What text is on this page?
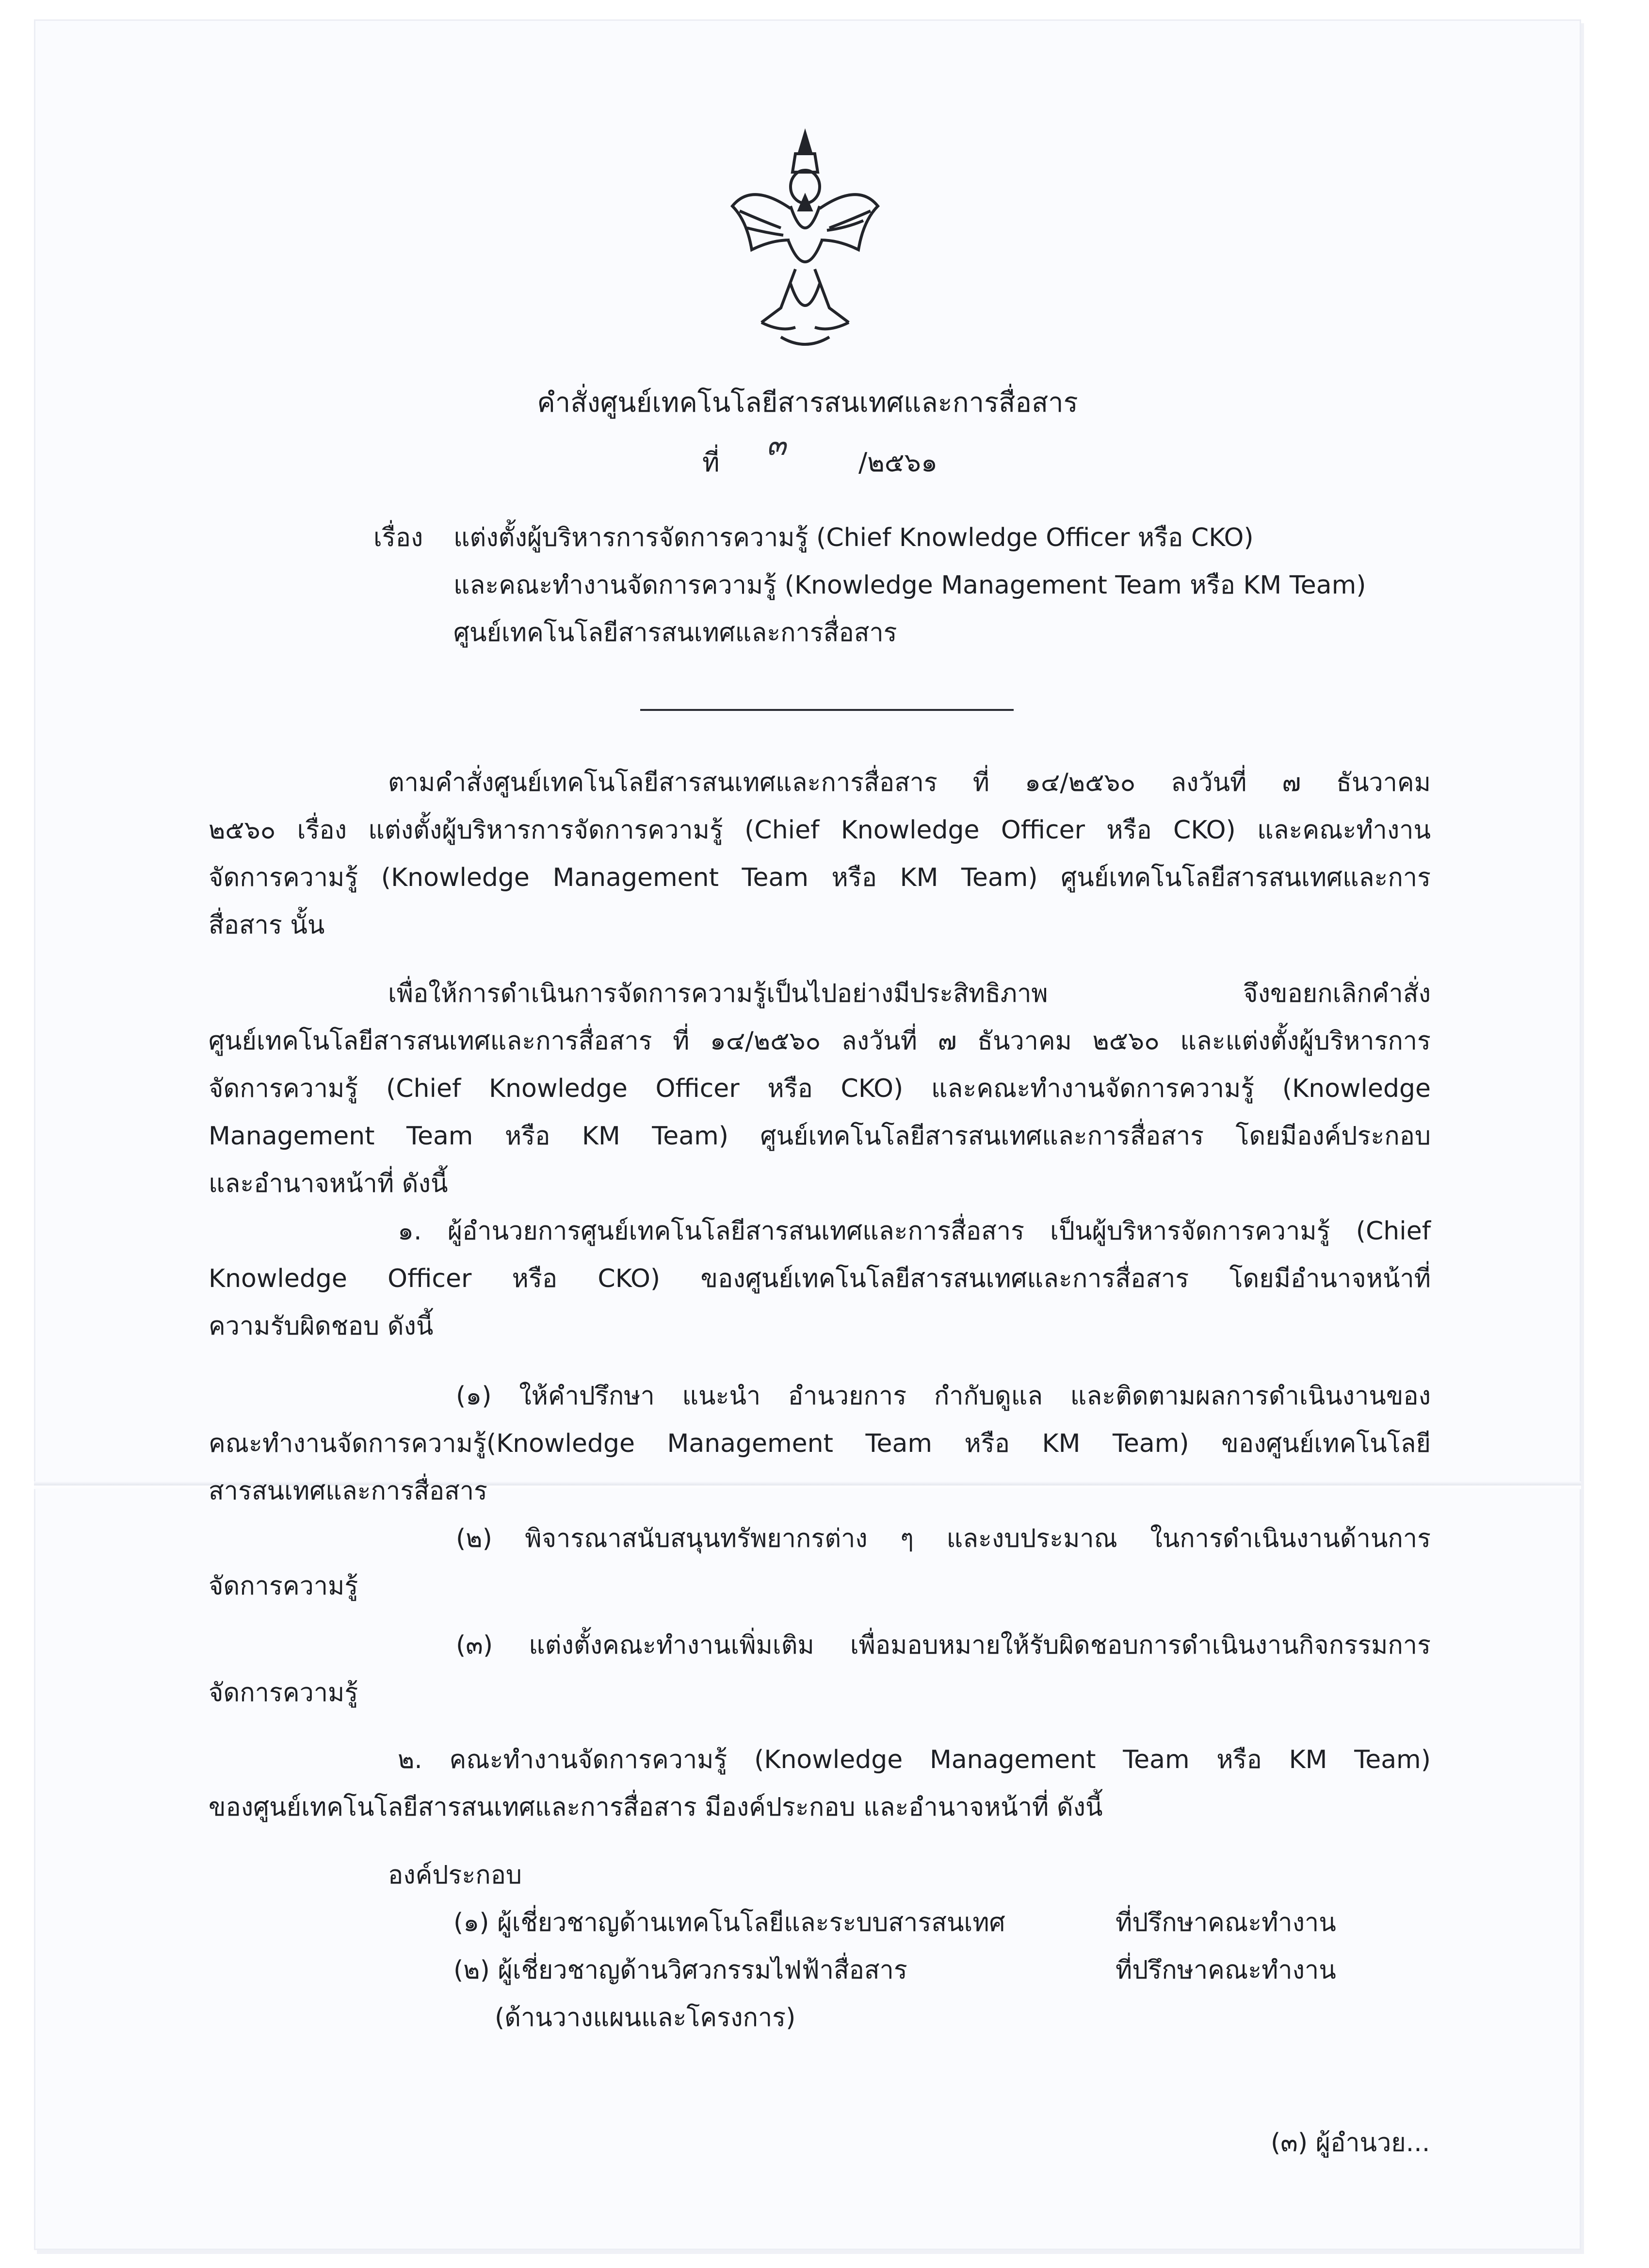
คำสั่งศูนย์เทคโนโลยีสารสนเทศและการสื่อสาร
ที่
๓
/๒๕๖๑
เรื่อง แต่งตั้งผู้บริหารการจัดการความรู้ (Chief Knowledge Officer หรือ CKO)
และคณะทำงานจัดการความรู้ (Knowledge Management Team หรือ KM Team)
ศูนย์เทคโนโลยีสารสนเทศและการสื่อสาร
ตามคำสั่งศูนย์เทคโนโลยีสารสนเทศและการสื่อสาร ที่ ๑๔/๒๕๖๐ ลงวันที่ ๗ ธันวาคม
๒๕๖๐ เรื่อง แต่งตั้งผู้บริหารการจัดการความรู้ (Chief Knowledge Officer หรือ CKO) และคณะทำงาน
จัดการความรู้ (Knowledge Management Team หรือ KM Team) ศูนย์เทคโนโลยีสารสนเทศและการ
สื่อสาร นั้น
เพื่อให้การดำเนินการจัดการความรู้เป็นไปอย่างมีประสิทธิภาพ จึงขอยกเลิกคำสั่ง
ศูนย์เทคโนโลยีสารสนเทศและการสื่อสาร ที่ ๑๔/๒๕๖๐ ลงวันที่ ๗ ธันวาคม ๒๕๖๐ และแต่งตั้งผู้บริหารการ
จัดการความรู้ (Chief Knowledge Officer หรือ CKO) และคณะทำงานจัดการความรู้ (Knowledge
Management Team หรือ KM Team) ศูนย์เทคโนโลยีสารสนเทศและการสื่อสาร โดยมีองค์ประกอบ
และอำนาจหน้าที่ ดังนี้
๑. ผู้อำนวยการศูนย์เทคโนโลยีสารสนเทศและการสื่อสาร เป็นผู้บริหารจัดการความรู้ (Chief
Knowledge Officer หรือ CKO) ของศูนย์เทคโนโลยีสารสนเทศและการสื่อสาร โดยมีอำนาจหน้าที่
ความรับผิดชอบ ดังนี้
(๑) ให้คำปรึกษา แนะนำ อำนวยการ กำกับดูแล และติดตามผลการดำเนินงานของ
คณะทำงานจัดการความรู้(Knowledge Management Team หรือ KM Team) ของศูนย์เทคโนโลยี
สารสนเทศและการสื่อสาร
(๒) พิจารณาสนับสนุนทรัพยากรต่าง ๆ และงบประมาณ ในการดำเนินงานด้านการ
จัดการความรู้
(๓) แต่งตั้งคณะทำงานเพิ่มเติม เพื่อมอบหมายให้รับผิดชอบการดำเนินงานกิจกรรมการ
จัดการความรู้
๒. คณะทำงานจัดการความรู้ (Knowledge Management Team หรือ KM Team)
ของศูนย์เทคโนโลยีสารสนเทศและการสื่อสาร มีองค์ประกอบ และอำนาจหน้าที่ ดังนี้
องค์ประกอบ
(๑) ผู้เชี่ยวชาญด้านเทคโนโลยีและระบบสารสนเทศ	ที่ปรึกษาคณะทำงาน
(๒) ผู้เชี่ยวชาญด้านวิศวกรรมไฟฟ้าสื่อสาร	ที่ปรึกษาคณะทำงาน
(ด้านวางแผนและโครงการ)
(๓) ผู้อำนวย...
